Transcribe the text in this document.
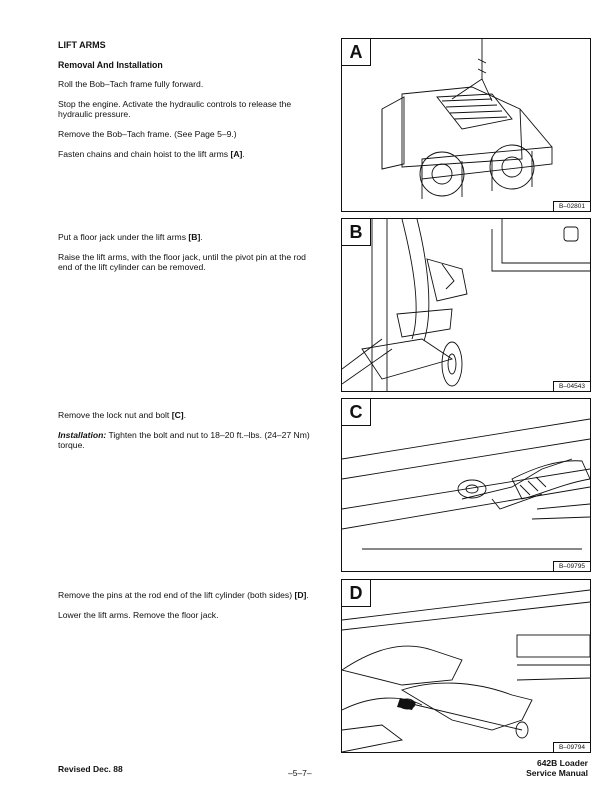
LIFT ARMS

Removal And Installation

Roll the Bob–Tach frame fully forward.

Stop the engine. Activate the hydraulic controls to release the hydraulic pressure.

Remove the Bob–Tach frame. (See Page 5–9.)

Fasten chains and chain hoist to the lift arms [A].

Put a floor jack under the lift arms [B].

Raise the lift arms, with the floor jack, until the pivot pin at the rod end of the lift cylinder can be removed.

Remove the lock nut and bolt [C].

Installation: Tighten the bolt and nut to 18–20 ft.–lbs. (24–27 Nm) torque.

Remove the pins at the rod end of the lift cylinder (both sides) [D].

Lower the lift arms. Remove the floor jack.

A
B–02801
B
B–04543
C
B–09795
D
B–09794
Revised Dec. 88	–5–7–
642B Loader
Service Manual
